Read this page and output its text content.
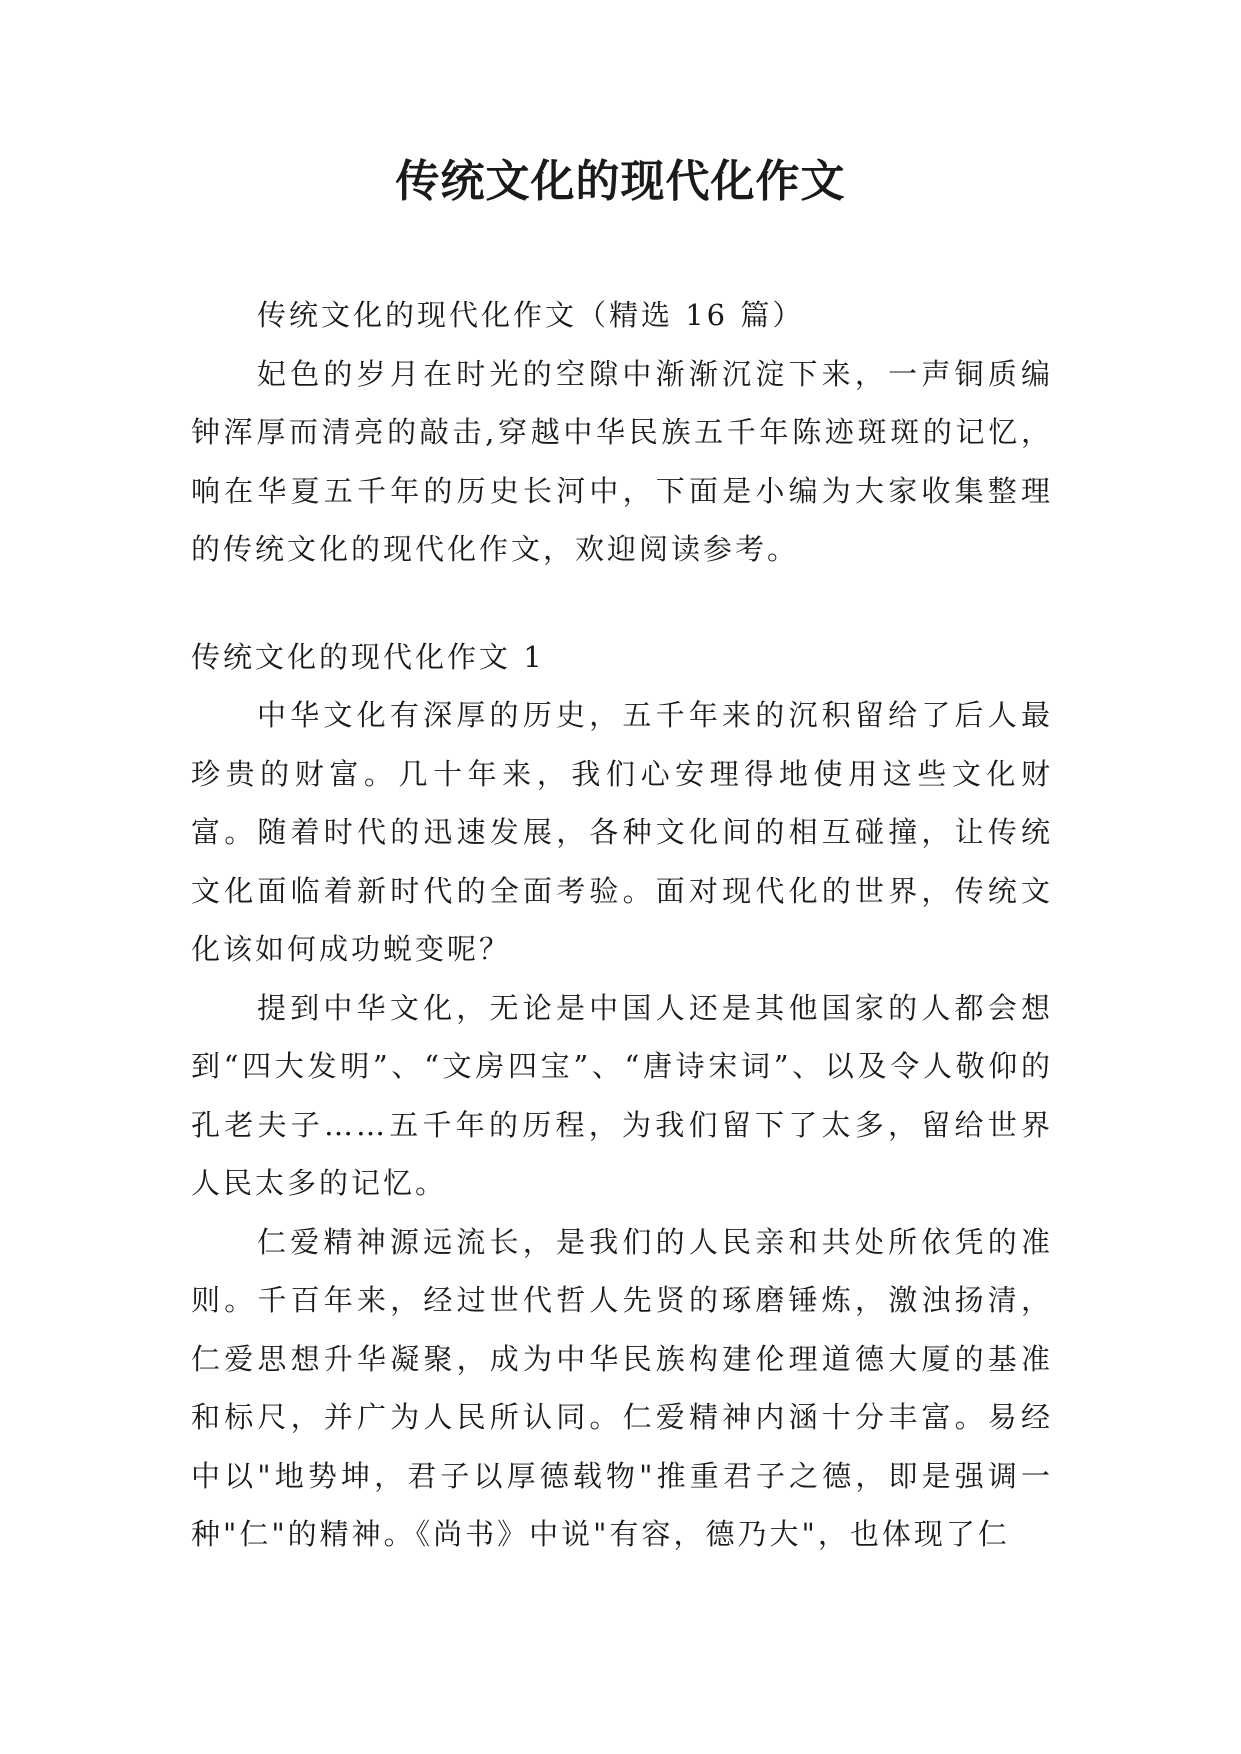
传统文化的现代化作文

传统文化的现代化作文（精选 16 篇）

妃色的岁月在时光的空隙中渐渐沉淀下来，一声铜质编钟浑厚而清亮的敲击,穿越中华民族五千年陈迹斑斑的记忆，响在华夏五千年的历史长河中，下面是小编为大家收集整理的传统文化的现代化作文，欢迎阅读参考。

传统文化的现代化作文 1

中华文化有深厚的历史，五千年来的沉积留给了后人最珍贵的财富。几十年来，我们心安理得地使用这些文化财富。随着时代的迅速发展，各种文化间的相互碰撞，让传统文化面临着新时代的全面考验。面对现代化的世界，传统文化该如何成功蜕变呢？

提到中华文化，无论是中国人还是其他国家的人都会想到“四大发明”、“文房四宝”、“唐诗宋词”、以及令人敬仰的孔老夫子……五千年的历程，为我们留下了太多，留给世界人民太多的记忆。

仁爱精神源远流长，是我们的人民亲和共处所依凭的准则。千百年来，经过世代哲人先贤的琢磨锤炼，激浊扬清，仁爱思想升华凝聚，成为中华民族构建伦理道德大厦的基准和标尺，并广为人民所认同。仁爱精神内涵十分丰富。易经中以"地势坤，君子以厚德载物"推重君子之德，即是强调一种"仁"的精神。《尚书》中说"有容，德乃大"，也体现了仁
